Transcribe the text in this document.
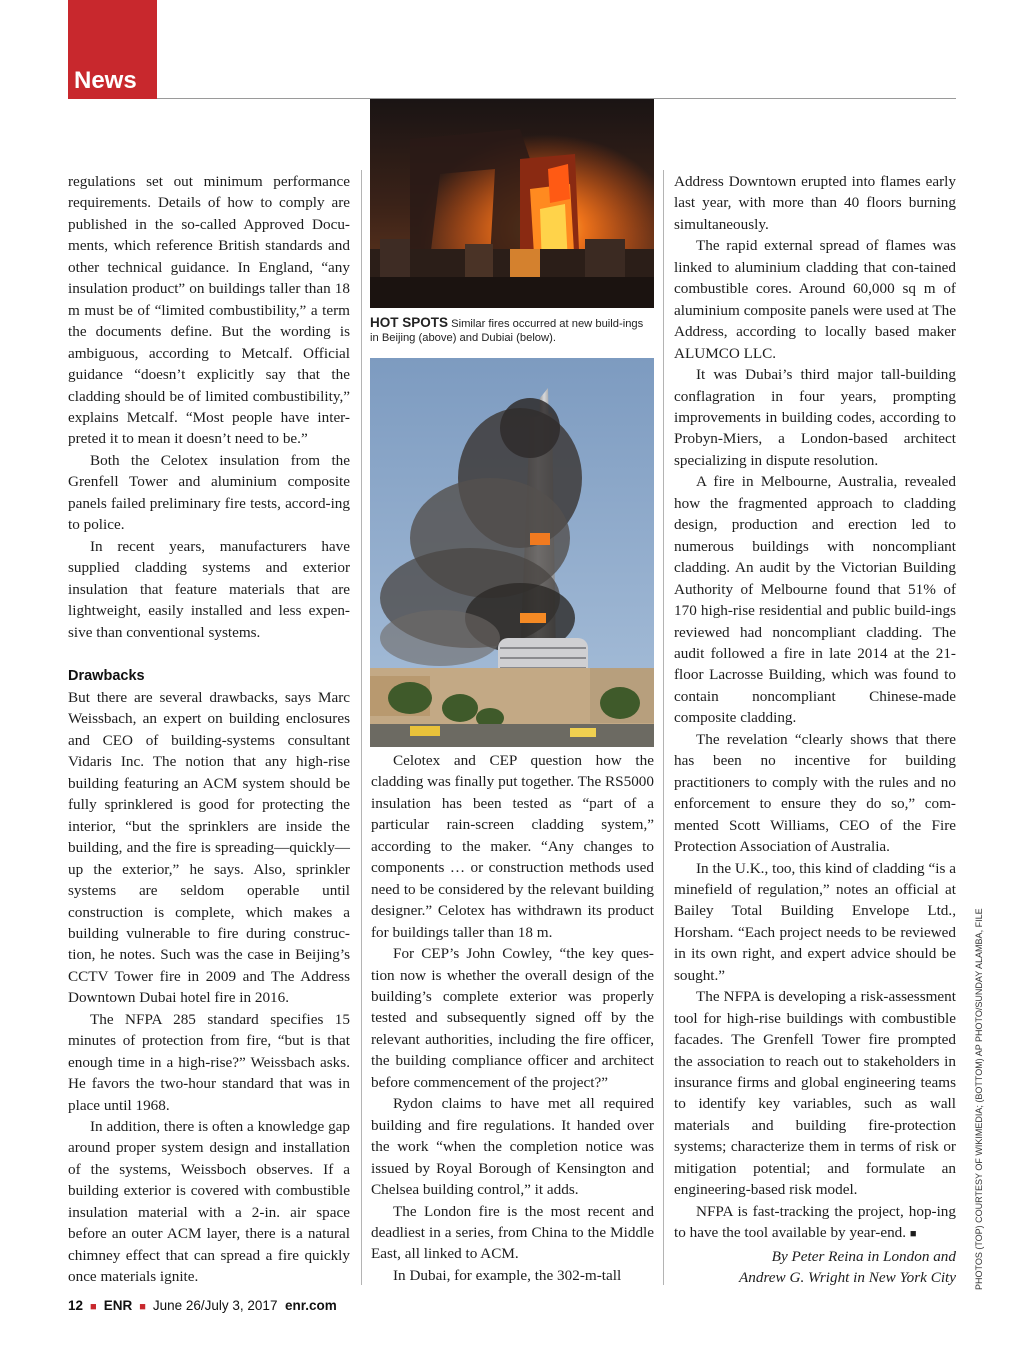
News

regulations set out minimum performance requirements. Details of how to comply are published in the so-called Approved Docu-ments, which reference British standards and other technical guidance. In England, “any insulation product” on buildings taller than 18 m must be of “limited combustibility,” a term the documents define. But the wording is ambiguous, according to Metcalf. Official guidance “doesn’t explicitly say that the cladding should be of limited combustibility,” explains Metcalf. “Most people have inter-preted it to mean it doesn’t need to be.”

Both the Celotex insulation from the Grenfell Tower and aluminium composite panels failed preliminary fire tests, accord-ing to police.

In recent years, manufacturers have supplied cladding systems and exterior insulation that feature materials that are lightweight, easily installed and less expen-sive than conventional systems.

Drawbacks

But there are several drawbacks, says Marc Weissbach, an expert on building enclosures and CEO of building-systems consultant Vidaris Inc. The notion that any high-rise building featuring an ACM system should be fully sprinklered is good for protecting the interior, “but the sprinklers are inside the building, and the fire is spreading—quickly—up the exterior,” he says. Also, sprinkler systems are seldom operable until construction is complete, which makes a building vulnerable to fire during construc-tion, he notes. Such was the case in Beijing’s CCTV Tower fire in 2009 and The Address Downtown Dubai hotel fire in 2016.

The NFPA 285 standard specifies 15 minutes of protection from fire, “but is that enough time in a high-rise?” Weissbach asks. He favors the two-hour standard that was in place until 1968.

In addition, there is often a knowledge gap around proper system design and installation of the systems, Weissboch observes. If a building exterior is covered with combustible insulation material with a 2-in. air space before an outer ACM layer, there is a natural chimney effect that can spread a fire quickly once materials ignite.

HOT SPOTS Similar fires occurred at new build-ings in Beijing (above) and Dubiai (below).

Celotex and CEP question how the cladding was finally put together. The RS5000 insulation has been tested as “part of a particular rain-screen cladding system,” according to the maker. “Any changes to components … or construction methods used need to be considered by the relevant building designer.” Celotex has withdrawn its product for buildings taller than 18 m.

For CEP’s John Cowley, “the key ques-tion now is whether the overall design of the building’s complete exterior was properly tested and subsequently signed off by the relevant authorities, including the fire officer, the building compliance officer and architect before commencement of the project?”

Rydon claims to have met all required building and fire regulations. It handed over the work “when the completion notice was issued by Royal Borough of Kensington and Chelsea building control,” it adds.

The London fire is the most recent and deadliest in a series, from China to the Middle East, all linked to ACM.

In Dubai, for example, the 302-m-tall

Address Downtown erupted into flames early last year, with more than 40 floors burning simultaneously.

The rapid external spread of flames was linked to aluminium cladding that con-tained combustible cores. Around 60,000 sq m of aluminium composite panels were used at The Address, according to locally based maker ALUMCO LLC.

It was Dubai’s third major tall-building conflagration in four years, prompting improvements in building codes, according to Probyn-Miers, a London-based architect specializing in dispute resolution.

A fire in Melbourne, Australia, revealed how the fragmented approach to cladding design, production and erection led to numerous buildings with noncompliant cladding. An audit by the Victorian Building Authority of Melbourne found that 51% of 170 high-rise residential and public build-ings reviewed had noncompliant cladding. The audit followed a fire in late 2014 at the 21-floor Lacrosse Building, which was found to contain noncompliant Chinese-made composite cladding.

The revelation “clearly shows that there has been no incentive for building practitioners to comply with the rules and no enforcement to ensure they do so,” com-mented Scott Williams, CEO of the Fire Protection Association of Australia.

In the U.K., too, this kind of cladding “is a minefield of regulation,” notes an official at Bailey Total Building Envelope Ltd., Horsham. “Each project needs to be reviewed in its own right, and expert advice should be sought.”

The NFPA is developing a risk-assessment tool for high-rise buildings with combustible facades. The Grenfell Tower fire prompted the association to reach out to stakeholders in insurance firms and global engineering teams to identify key variables, such as wall materials and building fire-protection systems; characterize them in terms of risk or mitigation potential; and formulate an engineering-based risk model.

NFPA is fast-tracking the project, hop-ing to have the tool available by year-end. ■

By Peter Reina in London and
Andrew G. Wright in New York City PHOTOS (TOP) COURTESY OF WIKIMEDIA; (BOTTOM) AP PHOTO/SUNDAY ALAMBA, FILE
12 ■ ENR ■ June 26/July 3, 2017 enr.com
